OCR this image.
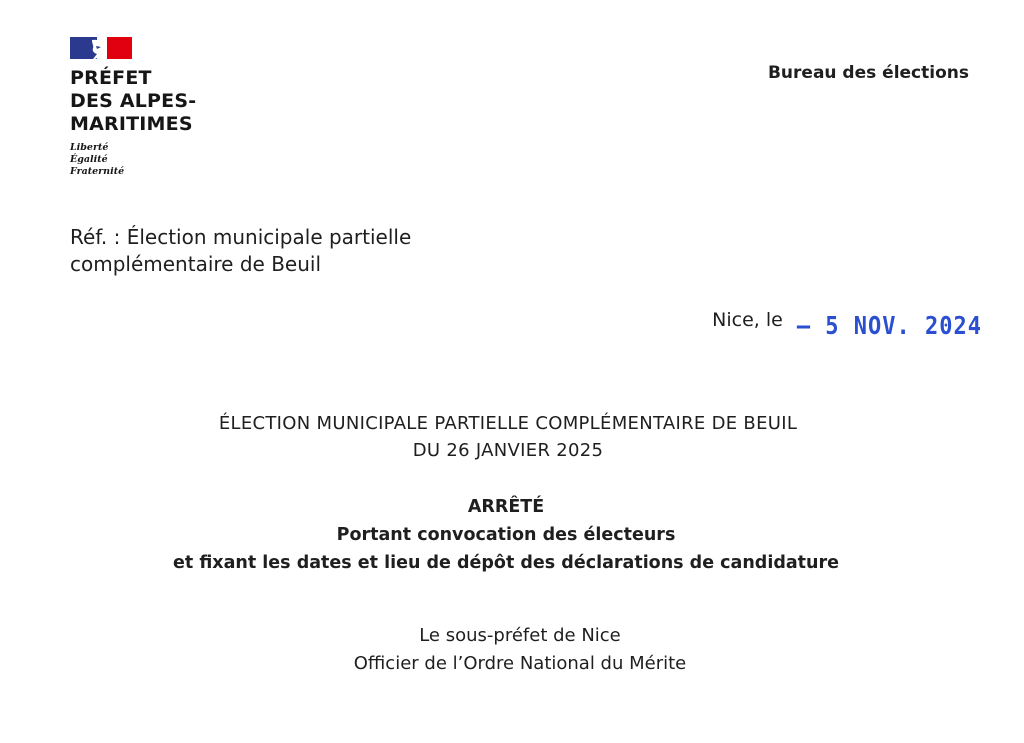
PRÉFET
DES ALPES-
MARITIMES
Liberté
Égalité
Fraternité
Bureau des élections
Réf. : Élection municipale partielle
complémentaire de Beuil
Nice, le – 5 NOV. 2024
ÉLECTION MUNICIPALE PARTIELLE COMPLÉMENTAIRE DE BEUIL
DU 26 JANVIER 2025
ARRÊTÉ
Portant convocation des électeurs
et fixant les dates et lieu de dépôt des déclarations de candidature
Le sous-préfet de Nice
Officier de l’Ordre National du Mérite
